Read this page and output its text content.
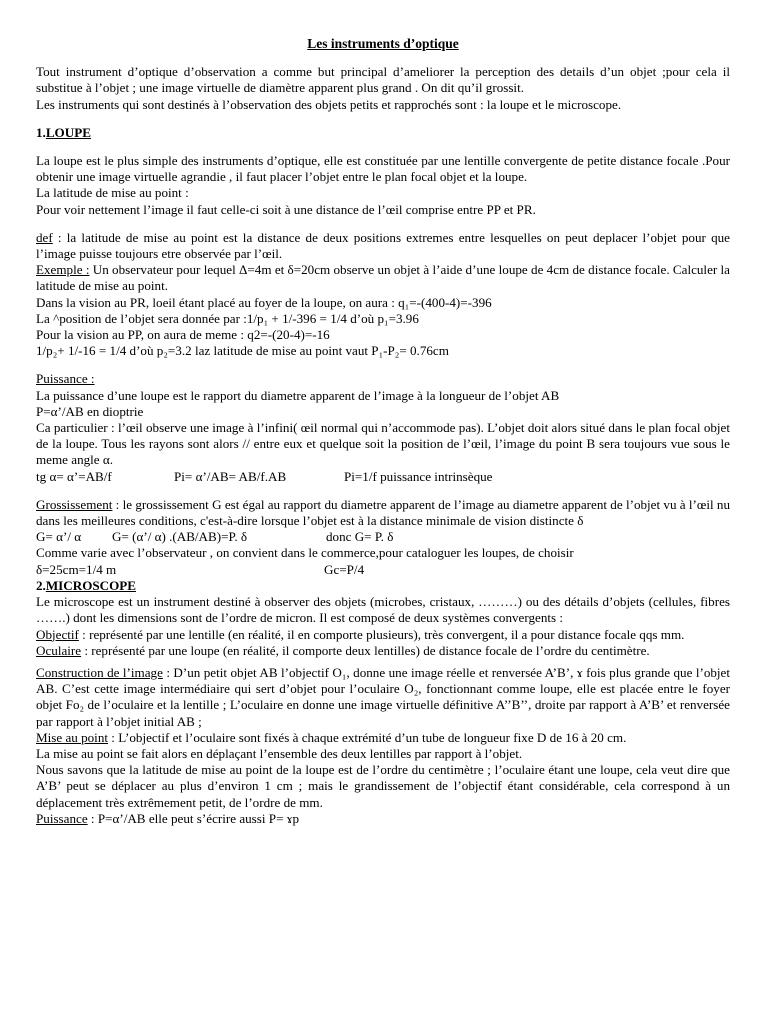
Les instruments d’optique

Tout instrument d’optique d’observation a comme but principal d’ameliorer la perception des details d’un objet ;pour cela il substitue à l’objet ; une image virtuelle de diamètre apparent plus grand . On dit qu’il grossit.

Les instruments qui sont destinés à l’observation des objets petits et rapprochés sont : la loupe et le microscope.

1.LOUPE

La loupe est le plus simple des instruments d’optique, elle est constituée par une lentille convergente de petite distance focale .Pour obtenir une image virtuelle agrandie , il faut placer l’objet entre le plan focal objet et la loupe.

La latitude de mise au point :

Pour voir nettement l’image il faut celle-ci soit à une distance de l’œil comprise entre PP et PR.

def : la latitude de mise au point est la distance de deux positions extremes entre lesquelles on peut deplacer l’objet pour que l’image puisse toujours etre observée par l’œil.

Exemple : Un observateur pour lequel Δ=4m et δ=20cm observe un objet à l’aide d’une loupe de 4cm de distance focale. Calculer la latitude de mise au point.

Dans la vision au PR, loeil étant placé au foyer de la loupe, on aura : q₁=-(400-4)=-396

La ^position de l’objet sera donnée par :1/p₁ + 1/-396 = 1/4 d’où p₁=3.96

Pour la vision au PP, on aura de meme : q2=-(20-4)=-16

1/p₂+ 1/-16 = 1/4 d’où p₂=3.2 laz latitude de mise au point vaut P₁-P₂= 0.76cm

Puissance :

La puissance d’une loupe est le rapport du diametre apparent de l’image à la longueur de l’objet AB

P=α’/AB en dioptrie

Ca particulier : l’œil observe une image à l’infini( œil normal qui n’accommode pas). L’objet doit alors situé dans le plan focal objet de la loupe. Tous les rayons sont alors // entre eux et quelque soit la position de l’œil, l’image du point B sera toujours vue sous le meme angle α.

tg α= α’=AB/f	Pi= α’/AB= AB/f.AB	Pi=1/f puissance intrinsèque

Grossissement : le grossissement G est égal au rapport du diametre apparent de l’image au diametre apparent de l’objet vu à l’œil nu dans les meilleures conditions, c'est-à-dire lorsque l’objet est à la distance minimale de vision distincte δ

G= α’/ α G= (α’/ α) .(AB/AB)=P. δ	donc G= P. δ

Comme varie avec l’observateur , on convient dans le commerce,pour cataloguer les loupes, de choisir

δ=25cm=1/4 m	Gc=P/4

2.MICROSCOPE

Le microscope est un instrument destiné à observer des objets (microbes, cristaux, ………) ou des détails d’objets (cellules, fibres …….) dont les dimensions sont de l’ordre de micron. Il est composé de deux systèmes convergents :

Objectif : représenté par une lentille (en réalité, il en comporte plusieurs), très convergent, il a pour distance focale qqs mm.

Oculaire : représenté par une loupe (en réalité, il comporte deux lentilles) de distance focale de l’ordre du centimètre.

Construction de l’image : D’un petit objet AB l’objectif O₁, donne une image réelle et renversée A’B’, ɤ fois plus grande que l’objet AB. C’est cette image intermédiaire qui sert d’objet pour l’oculaire O₂, fonctionnant comme loupe, elle est placée entre le foyer objet Fo₂ de l’oculaire et la lentille ; L’oculaire en donne une image virtuelle définitive A’’B’’, droite par rapport à A’B’ et renversée par rapport à l’objet initial AB ;

Mise au point : L’objectif et l’oculaire sont fixés à chaque extrémité d’un tube de longueur fixe D de 16 à 20 cm.

La mise au point se fait alors en déplaçant l’ensemble des deux lentilles par rapport à l’objet.

Nous savons que la latitude de mise au point de la loupe est de l’ordre du centimètre ; l’oculaire étant une loupe, cela veut dire que A’B’ peut se déplacer au plus d’environ 1 cm ; mais le grandissement de l’objectif étant considérable, cela correspond à un déplacement très extrêmement petit, de l’ordre de mm.

Puissance : P=α’/AB elle peut s’écrire aussi P= ɤp
